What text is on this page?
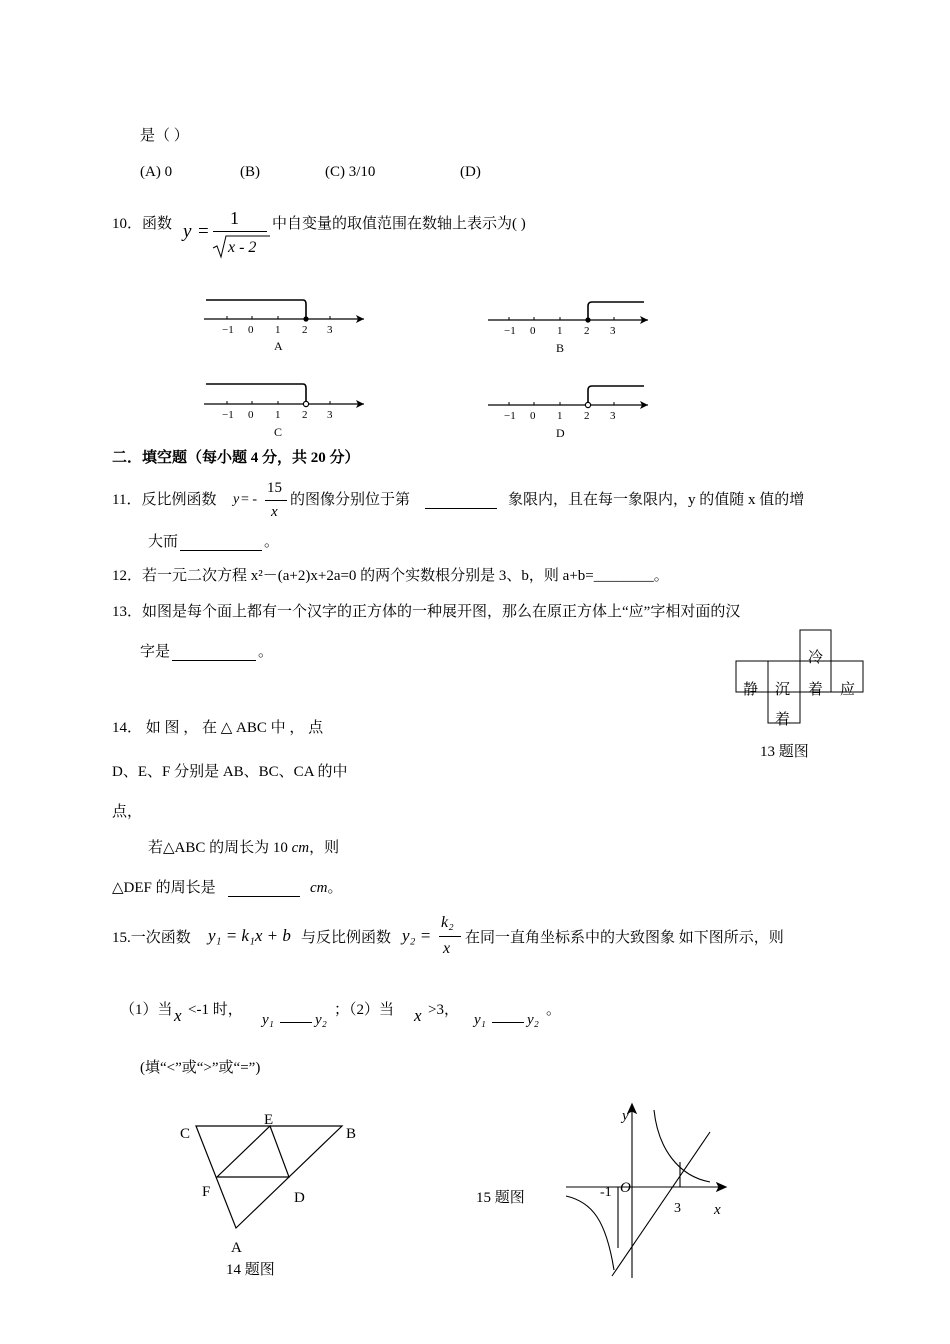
是（ ）
(A) 0	(B)	(C) 3/10	(D)
10．函数 y =
1
x - 2
中自变量的取值范围在数轴上表示为( )
−1 0 1 2 3
A
−1 0 1 2 3
B
−1 0 1 2 3
C
−1 0 1 2 3
D
二．填空题（每小题 4 分，共 20 分）
11．反比例函数 y = -
15
x
的图像分别位于第	象限内，且在每一象限内，y 的值随 x 值的增
大而	。
12．若一元二次方程 x²－(a+2)x+2a=0 的两个实数根分别是 3、b，则 a+b=________。
13．如图是每个面上都有一个汉字的正方体的一种展开图，那么在原正方体上“应”字相对面的汉
字是	。	冷
静 沉 着 应
着
13 题图
14． 如 图 ， 在 △ ABC 中 ， 点
D、E、F 分别是 AB、BC、CA 的中
点，
若△ABC 的周长为 10 cm，则
△DEF 的周长是	cm。
15.一次函数 y₁ = k₁x + b 与反比例函数 y₂ =
k₂
x
在同一直角坐标系中的大致图象 如下图所示，则
（1）当 x <-1 时，
y₁	y₂
；（2）当 x >3，
y₁	y₂
。
(填“<”或“>”或“=”)
C	B
E
F	D
A
14 题图
15 题图
y
x
O
-1
3
